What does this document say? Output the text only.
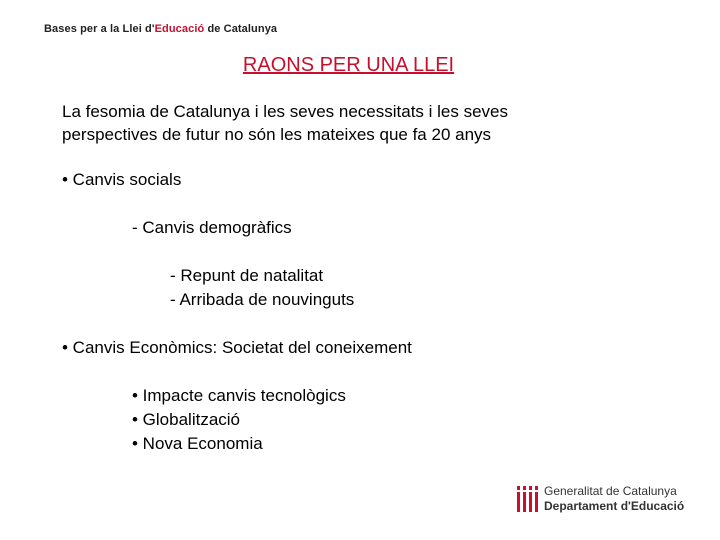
Bases per a la Llei d'Educació de Catalunya
RAONS PER UNA LLEI
La fesomia de Catalunya i les seves necessitats i les seves
perspectives de futur no són les mateixes que fa 20 anys
• Canvis socials
- Canvis demogràfics
- Repunt de natalitat
- Arribada de nouvinguts
• Canvis Econòmics: Societat del coneixement
• Impacte canvis tecnològics
• Globalització
• Nova Economia
Generalitat de Catalunya
Departament d'Educació
